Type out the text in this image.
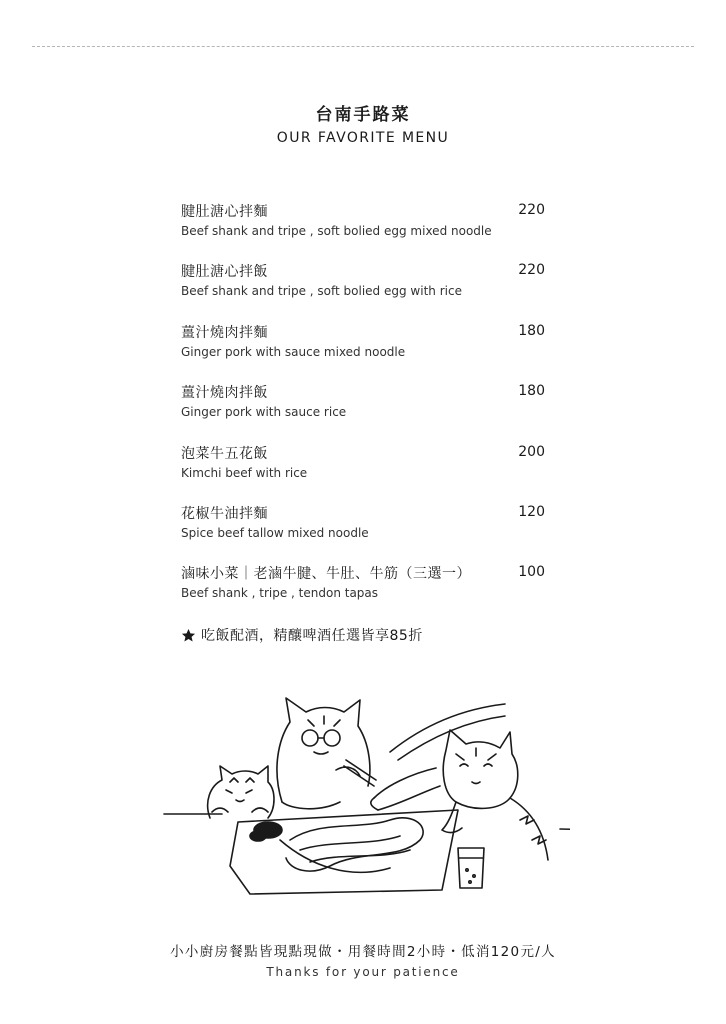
台南手路菜
OUR FAVORITE MENU
腱肚溏心拌麵	220
Beef shank and tripe , soft bolied egg mixed noodle
腱肚溏心拌飯	220
Beef shank and tripe , soft bolied egg with rice
薑汁燒肉拌麵	180
Ginger pork with sauce mixed noodle
薑汁燒肉拌飯	180
Ginger pork with sauce rice
泡菜牛五花飯	200
Kimchi beef with rice
花椒牛油拌麵	120
Spice beef tallow mixed noodle
滷味小菜｜老滷牛腱、牛肚、牛筋（三選一）	100
Beef shank , tripe , tendon tapas
吃飯配酒，精釀啤酒任選皆享85折
小小廚房餐點皆現點現做・用餐時間2小時・低消120元/人
Thanks for your patience
